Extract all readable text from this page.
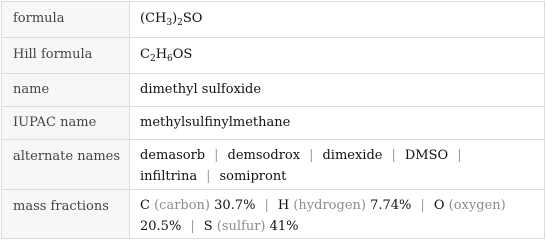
formula	$(CH_3)_2SO$
Hill formula	$C_2H_6OS$
name	dimethyl sulfoxide
IUPAC name	methylsulfinylmethane
alternate names	demasorb | demsodrox | dimexide | DMSO |
infiltrina | somipront
mass fractions	C (carbon) 30.7% | H (hydrogen) 7.74% | O (oxygen)
20.5% | S (sulfur) 41%
